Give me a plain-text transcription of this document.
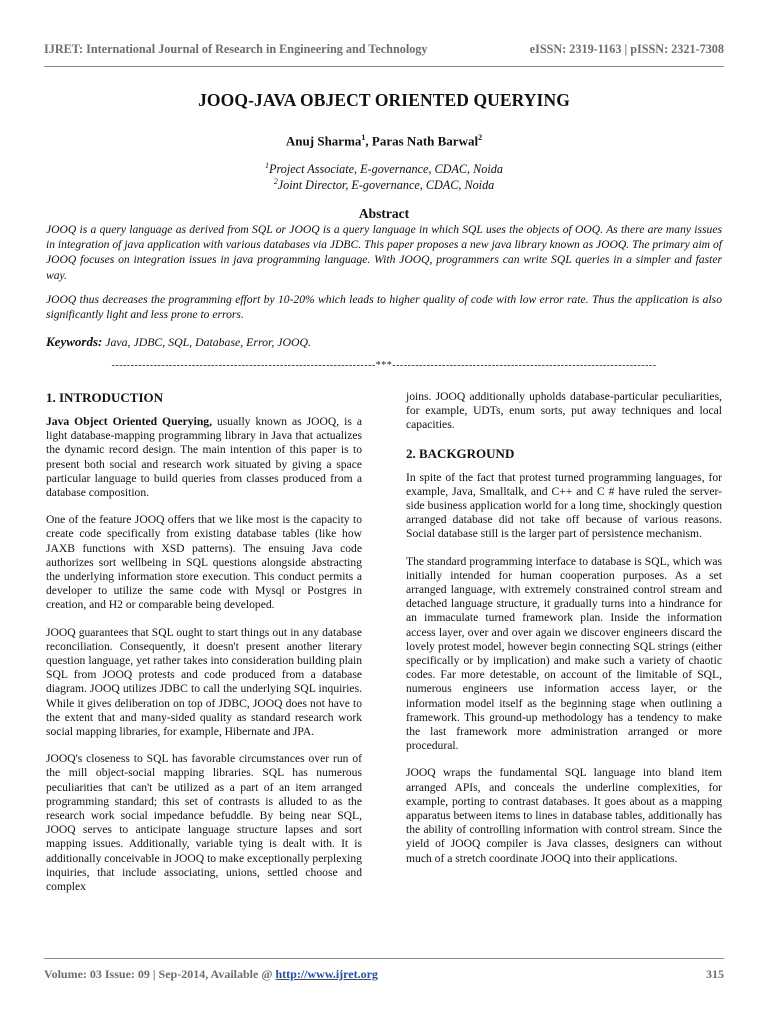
IJRET: International Journal of Research in Engineering and Technology	eISSN: 2319-1163 | pISSN: 2321-7308
JOOQ-JAVA OBJECT ORIENTED QUERYING
Anuj Sharma$^1$, Paras Nath Barwal$^2$
$^1$Project Associate, E-governance, CDAC, Noida
$^2$Joint Director, E-governance, CDAC, Noida
Abstract

JOOQ is a query language as derived from SQL or JOOQ is a query language in which SQL uses the objects of OOQ. As there are many issues in integration of java application with various databases via JDBC. This paper proposes a new java library known as JOOQ. The primary aim of JOOQ focuses on integration issues in java programming language. With JOOQ, programmers can write SQL queries in a simpler and faster way.

JOOQ thus decreases the programming effort by 10-20% which leads to higher quality of code with low error rate. Thus the application is also significantly light and less prone to errors.

Keywords: Java, JDBC, SQL, Database, Error, JOOQ.
---------------------------------------------------------------------***---------------------------------------------------------------------
1. INTRODUCTION

Java Object Oriented Querying, usually known as JOOQ, is a light database-mapping programming library in Java that actualizes the dynamic record design. The main intention of this paper is to present both social and research work situated by giving a space particular language to build queries from classes produced from a database composition.

One of the feature JOOQ offers that we like most is the capacity to create code specifically from existing database tables (like how JAXB functions with XSD patterns). The ensuing Java code authorizes sort wellbeing in SQL questions alongside abstracting the underlying information store execution. This conduct permits a developer to utilize the same code with Mysql or Postgres in creation, and H2 or comparable being developed.

JOOQ guarantees that SQL ought to start things out in any database reconciliation. Consequently, it doesn't present another literary question language, yet rather takes into consideration building plain SQL from JOOQ protests and code produced from a database diagram. JOOQ utilizes JDBC to call the underlying SQL inquiries. While it gives deliberation on top of JDBC, JOOQ does not have to the extent that and many-sided quality as standard research work social mapping libraries, for example, Hibernate and JPA.

JOOQ's closeness to SQL has favorable circumstances over run of the mill object-social mapping libraries. SQL has numerous peculiarities that can't be utilized as a part of an item arranged programming standard; this set of contrasts is alluded to as the research work social impedance befuddle. By being near SQL, JOOQ serves to anticipate language structure lapses and sort mapping issues. Additionally, variable tying is dealt with. It is additionally conceivable in JOOQ to make exceptionally perplexing inquiries, that include associating, unions, settled choose and complex

joins. JOOQ additionally upholds database-particular peculiarities, for example, UDTs, enum sorts, put away techniques and local capacities.

2. BACKGROUND

In spite of the fact that protest turned programming languages, for example, Java, Smalltalk, and C++ and C # have ruled the server-side business application world for a long time, shockingly question arranged database did not take off because of various reasons. Social database still is the larger part of persistence mechanism.

The standard programming interface to database is SQL, which was initially intended for human cooperation purposes. As a set arranged language, with extremely constrained control stream and detached language structure, it gradually turns into a hindrance for an immaculate turned framework plan. Inside the information access layer, over and over again we discover engineers discard the lovely protest model, however begin connecting SQL strings (either specifically or by implication) and make such a variety of chaotic codes. Far more detestable, on account of the limitable of SQL, numerous engineers use information access layer, or the information model itself as the beginning stage when outlining a framework. This ground-up methodology has a tendency to make the last framework more administration arranged or more procedural.

JOOQ wraps the fundamental SQL language into bland item arranged APIs, and conceals the underline complexities, for example, porting to contrast databases. It goes about as a mapping apparatus between items to lines in database tables, additionally has the ability of controlling information with control stream. Since the yield of JOOQ compiler is Java classes, designers can without much of a stretch coordinate JOOQ into their applications.

Volume: 03 Issue: 09 | Sep-2014, Available @ http://www.ijret.org	315
